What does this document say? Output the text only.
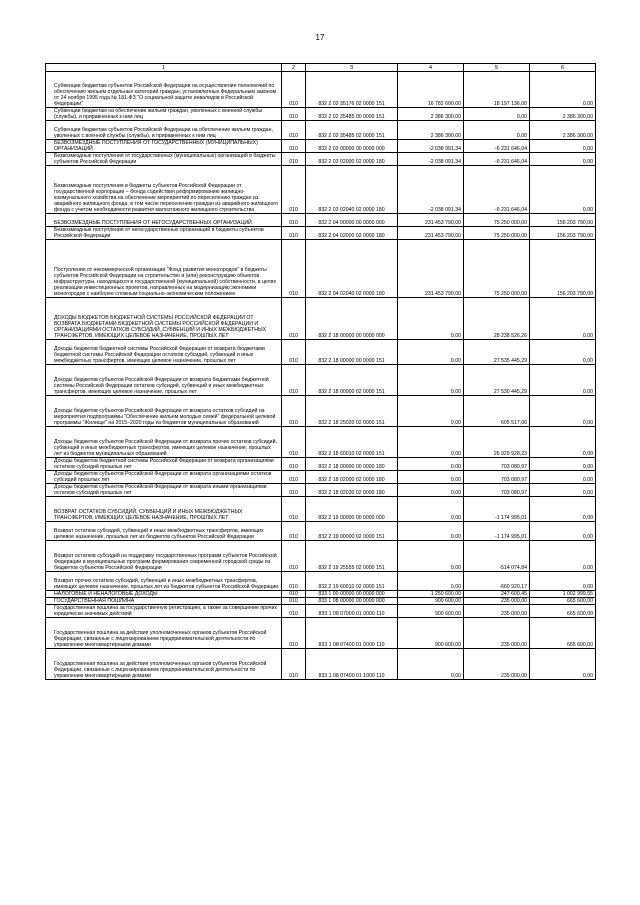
17
1	2	3	4	5	6

Субвенции бюджетам субъектов Российской Федерации на осуществление полномочий по обеспечению жильем отдельных категорий граждан, установленных Федеральным законом от 24 ноября 1995 года № 181-ФЗ "О социальной защите инвалидов в Российской Федерации"	010	832 2 02 35176 02 0000 151	16 782 600,00	18 197 136,00	0,00

Субвенции бюджетам на обеспечение жильем граждан, уволенных с военной службы (службы), и приравненных к ним лиц	010	832 2 02 35485 00 0000 151	2 386 300,00	0,00	2 386 300,00

Субвенции бюджетам субъектов Российской Федерации на обеспечение жильем граждан, уволенных с военной службы (службы), и приравненных к ним лиц	010	832 2 02 35485 02 0000 151	2 386 300,00	0,00	2 386 300,00

БЕЗВОЗМЕЗДНЫЕ ПОСТУПЛЕНИЯ ОТ ГОСУДАРСТВЕННЫХ (МУНИЦИПАЛЬНЫХ) ОРГАНИЗАЦИЙ	010	832 2 03 00000 00 0000 000	-2 038 091,34	-6 231 646,04	0,00

Безвозмездные поступления от государственных (муниципальных) организаций в бюджеты субъектов Российской Федерации	010	832 2 03 02000 02 0000 180	-2 038 091,34	-6 231 646,04	0,00

Безвозмездные поступления в бюджеты субъектов Российской Федерации от государственной корпорации – Фонда содействия реформированию жилищно-коммунального хозяйства на обеспечение мероприятий по переселению граждан из аварийного жилищного фонда, в том числе переселению граждан из аварийного жилищного фонда с учетом необходимости развития малоэтажного жилищного строительства	010	832 2 03 02040 02 0000 180	-2 038 091,34	-6 231 646,04	0,00

БЕЗВОЗМЕЗДНЫЕ ПОСТУПЛЕНИЯ ОТ НЕГОСУДАРСТВЕННЫХ ОРГАНИЗАЦИЙ	010	832 2 04 00000 00 0000 000	231 453 790,00	75 250 000,00	156 203 790,00

Безвозмездные поступления от негосударственных организаций в бюджеты субъектов Российской Федерации	010	832 2 04 02000 02 0000 180	231 453 790,00	75 250 000,00	156 203 790,00

Поступления от некоммерческой организации "Фонд развития моногородов" в бюджеты субъектов Российской Федерации на строительство и (или) реконструкцию объектов инфраструктуры, находящихся в государственной (муниципальной) собственности, в целях реализации инвестиционных проектов, направленных на модернизацию экономики моногородов с наиболее сложным социально-экономическим положением	010	832 2 04 02040 02 0000 180	231 453 790,00	75 250 000,00	156 203 790,00

ДОХОДЫ БЮДЖЕТОВ БЮДЖЕТНОЙ СИСТЕМЫ РОССИЙСКОЙ ФЕДЕРАЦИИ ОТ ВОЗВРАТА БЮДЖЕТАМИ БЮДЖЕТНОЙ СИСТЕМЫ РОССИЙСКОЙ ФЕДЕРАЦИИ И ОРГАНИЗАЦИЯМИ ОСТАТКОВ СУБСИДИЙ, СУБВЕНЦИЙ И ИНЫХ МЕЖБЮДЖЕТНЫХ ТРАНСФЕРТОВ, ИМЕЮЩИХ ЦЕЛЕВОЕ НАЗНАЧЕНИЕ, ПРОШЛЫХ ЛЕТ	010	832 2 18 00000 00 0000 000	0,00	28 238 526,26	0,00

Доходы бюджетов бюджетной системы Российской Федерации от возврата бюджетами бюджетной системы Российской Федерации остатков субсидий, субвенций и иных межбюджетных трансфертов, имеющих целевое назначение, прошлых лет	010	832 2 18 00000 00 0000 151	0,00	27 535 445,29	0,00

Доходы бюджетов субъектов Российской Федерации от возврата бюджетами бюджетной системы Российской Федерации остатков субсидий, субвенций и иных межбюджетных трансфертов, имеющих целевое назначение, прошлых лет	010	832 2 18 00000 02 0000 151	0,00	27 530 445,29	0,00

Доходы бюджетов субъектов Российской Федерации от возврата остатков субсидий на мероприятия подпрограммы "Обеспечение жильем молодых семей" федеральной целевой программы "Жилище" на 2015–2020 годы из бюджетов муниципальных образований	010	832 2 18 25020 02 0000 151	0,00	605 517,06	0,00

Доходы бюджетов субъектов Российской Федерации от возврата прочих остатков субсидий, субвенций и иных межбюджетных трансфертов, имеющих целевое назначение, прошлых лет из бюджетов муниципальных образований	010	832 2 18 60010 02 0000 151	0,00	26 929 928,23	0,00

Доходы бюджетов бюджетной системы Российской Федерации от возврата организациями остатков субсидий прошлых лет	010	832 2 18 00000 00 0000 180	0,00	703 080,97	0,00

Доходы бюджетов субъектов Российской Федерации от возврата организациями остатков субсидий прошлых лет	010	832 2 18 02000 02 0000 180	0,00	703 080,97	0,00

Доходы бюджетов субъектов Российской Федерации от возврата иными организациями остатков субсидий прошлых лет	010	832 2 18 02030 02 0000 180	0,00	703 080,97	0,00

ВОЗВРАТ ОСТАТКОВ СУБСИДИЙ, СУБВЕНЦИЙ И ИНЫХ МЕЖБЮДЖЕТНЫХ ТРАНСФЕРТОВ, ИМЕЮЩИХ ЦЕЛЕВОЕ НАЗНАЧЕНИЕ, ПРОШЛЫХ ЛЕТ	010	832 2 19 00000 00 0000 000	0,00	-1 174 995,01	0,00

Возврат остатков субсидий, субвенций и иных межбюджетных трансфертов, имеющих целевое назначение, прошлых лет из бюджетов субъектов Российской Федерации	010	832 2 19 00000 02 0000 151	0,00	-1 174 995,01	0,00

Возврат остатков субсидий на поддержку государственных программ субъектов Российской Федерации и муниципальных программ формирования современной городской среды из бюджетов субъектов Российской Федерации	010	832 2 19 25555 02 0000 151	0,00	-514 074,84	0,00

Возврат прочих остатков субсидий, субвенций и иных межбюджетных трансфертов, имеющих целевое назначение, прошлых лет из бюджетов субъектов Российской Федерации	010	832 2 19 60010 02 0000 151	0,00	-660 920,17	0,00

НАЛОГОВЫЕ И НЕНАЛОГОВЫЕ ДОХОДЫ	010	833 1 00 00000 00 0000 000	1 250 600,00	247 600,45	1 002 999,55

ГОСУДАРСТВЕННАЯ ПОШЛИНА	010	833 1 08 00000 00 0000 000	900 600,00	235 000,00	665 600,00

Государственная пошлина за государственную регистрацию, а также за совершение прочих юридически значимых действий	010	833 1 08 07000 01 0000 110	900 600,00	235 000,00	665 600,00

Государственная пошлина за действия уполномоченных органов субъектов Российской Федерации, связанные с лицензированием предпринимательской деятельности по управлению многоквартирными домами	010	833 1 08 07400 01 0000 110	900 600,00	235 000,00	665 600,00

Государственная пошлина за действия уполномоченных органов субъектов Российской Федерации, связанные с лицензированием предпринимательской деятельности по управлению многоквартирными домами	010	833 1 08 07400 01 1000 110	0,00	235 000,00	0,00
